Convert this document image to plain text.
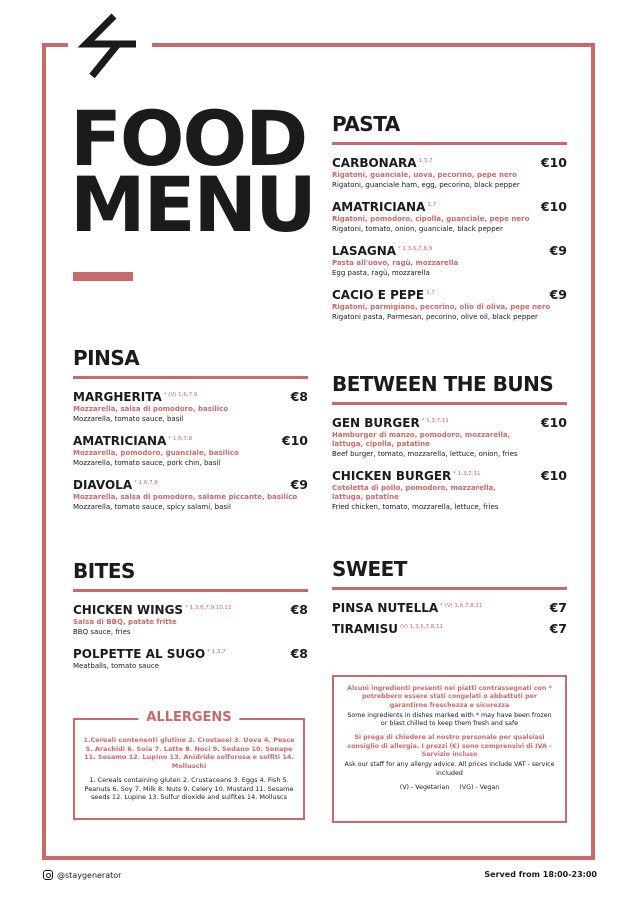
FOOD
MENU
PINSA
MARGHERITA $^{* (V) 1,6,7,8}$	€8
Mozzarella, salsa di pomodoro, basilico
Mozzarella, tomato sauce, basil
AMATRICIANA $^{* 1,6,7,8}$	€10
Mozzarella, pomodoro, guanciale, basilico
Mozzarella, tomato sauce, pork chin, basil
DIAVOLA $^{* 1,6,7,8}$	€9
Mozzarella, salsa di pomodoro, salame piccante, basilico
Mozzarella, tomato sauce, spicy salami, basil
BITES
CHICKEN WINGS $^{* 1,3,6,7,9,10,13}$	€8
Salsa di BBQ, patate fritte
BBQ sauce, fries
POLPETTE AL SUGO $^{* 1,3,7}$	€8
Meatballs, tomato sauce
PASTA
CARBONARA $^{1,3,7}$	€10
Rigatoni, guanciale, uova, pecorino, pepe nero
Rigatoni, guanciale ham, egg, pecorino, black pepper
AMATRICIANA $^{1,7}$	€10
Rigatoni, pomodoro, cipolla, guanciale, pepe nero
Rigatoni, tomato, onion, guanciale, black pepper
LASAGNA $^{* 1,3,6,7,8,9}$	€9
Pasta all'uovo, ragù, mozzarella
Egg pasta, ragù, mozzarella
CACIO E PEPE $^{1,7}$	€9
Rigatoni, parmigiano, pecorino, olio di oliva, pepe nero
Rigatoni pasta, Parmesan, pecorino, olive oil, black pepper
BETWEEN THE BUNS
GEN BURGER $^{* 1,3,7,11}$	€10
Hamburger di manzo, pomodoro, mozzarella, lattuga, cipolla, patatine
Beef burger, tomato, mozzarella, lettuce, onion, fries
CHICKEN BURGER $^{* 1,3,7,11}$	€10
Cotoletta di pollo, pomodoro, mozzarella, lattuga, patatine
Fried chicken, tomato, mozzarella, lettuce, fries
SWEET
PINSA NUTELLA $^{* (V) 1,6,7,8,11}$	€7
TIRAMISU $^{(V) 1,3,5,7,8,11}$	€7
Alcuni ingredienti presenti nei piatti contrassegnati con * potrebbero essere stati congelati o abbattuti per garantirne freschezza e sicurezza
Some ingredients in dishes marked with * may have been frozen or blast chilled to keep them fresh and safe
Si prega di chiedere al nostro personale per qualsiasi consiglio di allergia. I prezzi (€) sono comprensivi di IVA - Servizio incluso
Ask our staff for any allergy advice. All prices include VAT - service included
(V) - Vegetarian     (VG) - Vegan
ALLERGENS
1.Cereali contenenti glutine 2. Crostacei 3. Uova 4. Pesce 5. Arachidi 6. Soia 7. Latte 8. Noci 9. Sedano 10. Senape 11. Sesamo 12. Lupino 13. Anidride solforosa e solfiti 14. Molluschi
1. Cereals containing gluten 2. Crustaceans 3. Eggs 4. Fish 5. Peanuts 6. Soy 7. Milk 8. Nuts 9. Celery 10. Mustard 11. Sesame seeds 12. Lupine 13. Sulfur dioxide and sulfites 14. Molluscs
@staygenerator	Served from 18:00-23:00
